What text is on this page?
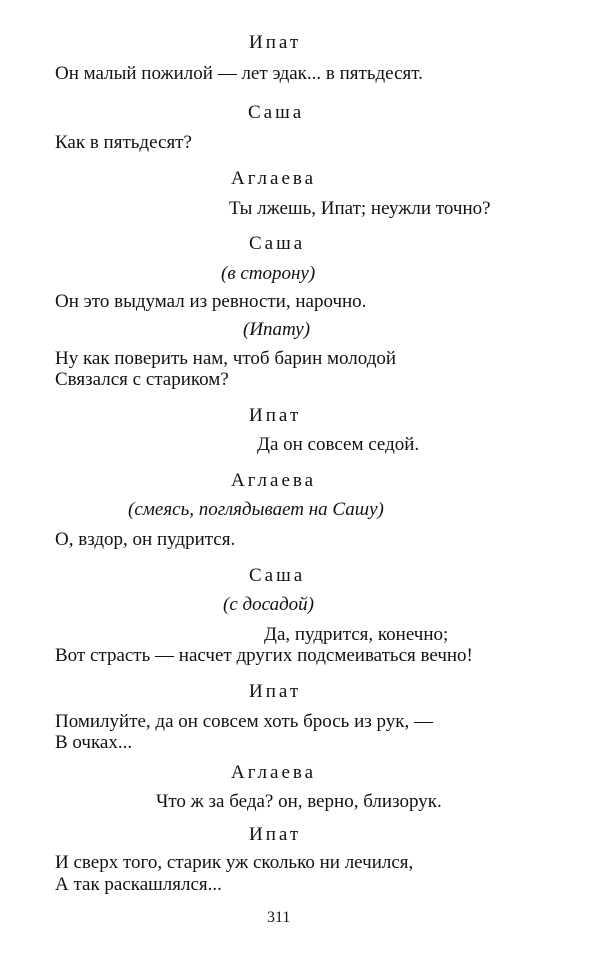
Ипат
Он малый пожилой — лет эдак... в пятьдесят.
Саша
Как в пятьдесят?
Аглаева
Ты лжешь, Ипат; неужли точно?
Саша
(в сторону)
Он это выдумал из ревности, нарочно.
(Ипату)
Ну как поверить нам, чтоб барин молодой
Связался с стариком?
Ипат
Да он совсем седой.
Аглаева
(смеясь, поглядывает на Сашу)
О, вздор, он пудрится.
Саша
(с досадой)
Да, пудрится, конечно;
Вот страсть — насчет других подсмеиваться вечно!
Ипат
Помилуйте, да он совсем хоть брось из рук, —
В очках...
Аглаева
Что ж за беда? он, верно, близорук.
Ипат
И сверх того, старик уж сколько ни лечился,
А так раскашлялся...
311
